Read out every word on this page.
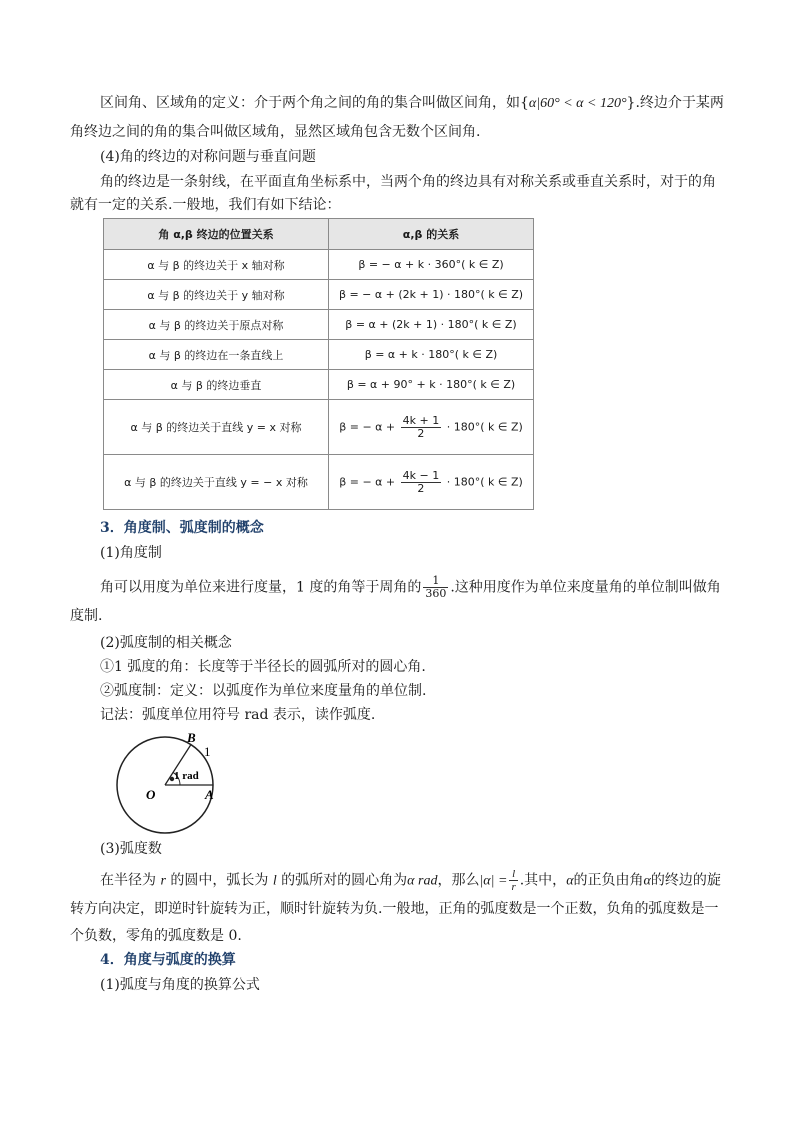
区间角、区域角的定义：介于两个角之间的角的集合叫做区间角，如{α|60° < α < 120°}.终边介于某两
角终边之间的角的集合叫做区域角，显然区域角包含无数个区间角.
(4)角的终边的对称问题与垂直问题
角的终边是一条射线，在平面直角坐标系中，当两个角的终边具有对称关系或垂直关系时，对于的角
就有一定的关系.一般地，我们有如下结论：
角 α,β 终边的位置关系	α,β 的关系
α 与 β 的终边关于 x 轴对称	β = − α + k · 360°( k ∈ Z)
α 与 β 的终边关于 y 轴对称	β = − α + (2k + 1) · 180°( k ∈ Z)
α 与 β 的终边关于原点对称	β = α + (2k + 1) · 180°( k ∈ Z)
α 与 β 的终边在一条直线上	β = α + k · 180°( k ∈ Z)
α 与 β 的终边垂直	β = α + 90° + k · 180°( k ∈ Z)
α 与 β 的终边关于直线 y = x 对称	β = − $\alpha + \frac{4k + 1}{2} \cdot 180^\circ$( k ∈ Z)
α 与 β 的终边关于直线 y = − x 对称	β = − $\alpha + \frac{4k - 1}{2} \cdot 180^\circ$( k ∈ Z)
3．角度制、弧度制的概念
(1)角度制
角可以用度为单位来进行度量，1 度的角等于周角的 $\frac{1}{360}$ .这种用度作为单位来度量角的单位制叫做角
度制.
(2)弧度制的相关概念
①1 弧度的角：长度等于半径长的圆弧所对的圆心角.
②弧度制：定义：以弧度作为单位来度量角的单位制.
记法：弧度单位用符号 rad 表示，读作弧度.
B
1
1 rad
O	A
(3)弧度数
在半径为 r 的圆中，弧长为 l 的弧所对的圆心角为α rad，那么$|\alpha| = \frac{l}{r}$ .其中，α的正负由角α的终边的旋
转方向决定，即逆时针旋转为正，顺时针旋转为负.一般地，正角的弧度数是一个正数，负角的弧度数是一
个负数，零角的弧度数是 0.
4．角度与弧度的换算
(1)弧度与角度的换算公式
